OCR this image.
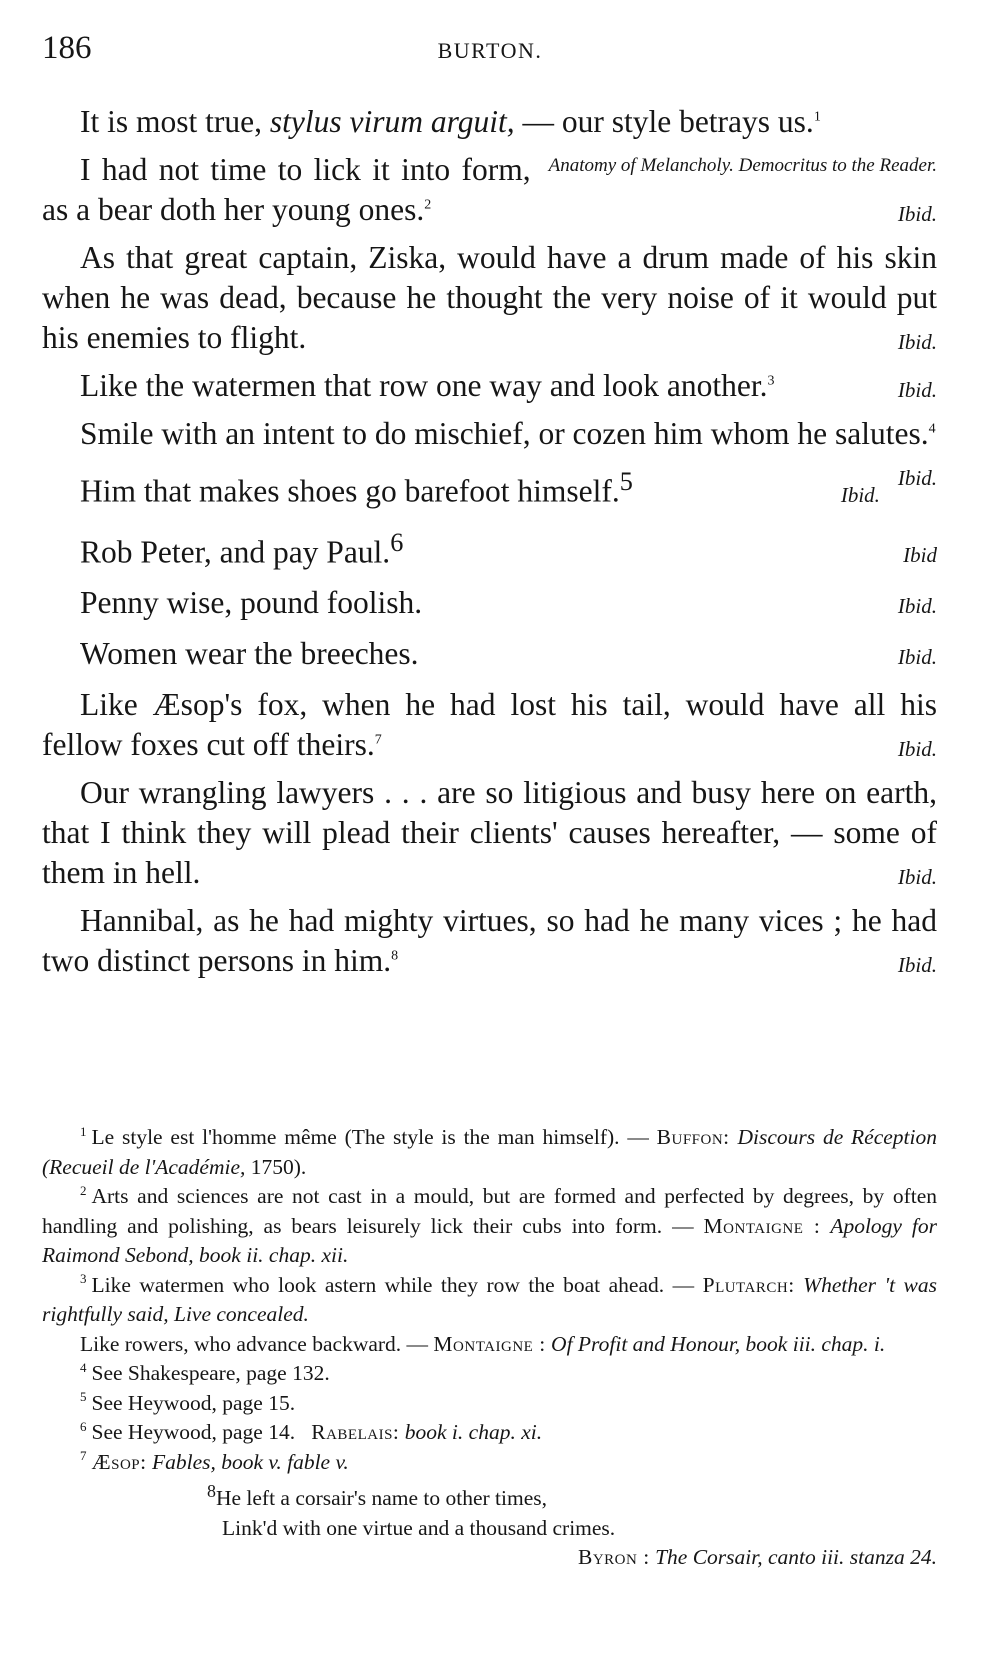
186	BURTON.
It is most true, stylus virum arguit, — our style betrays us.$^1$
Anatomy of Melancholy. Democritus to the Reader.
I had not time to lick it into form, as a bear doth her young ones.$^2$	Ibid.
As that great captain, Ziska, would have a drum made of his skin when he was dead, because he thought the very noise of it would put his enemies to flight.	Ibid.
Like the watermen that row one way and look another.$^3$	Ibid.
Smile with an intent to do mischief, or cozen him whom he salutes.$^4$
Ibid.
Him that makes shoes go barefoot himself.$^5$	Ibid.
Rob Peter, and pay Paul.$^6$	Ibid
Penny wise, pound foolish.	Ibid.
Women wear the breeches.	Ibid.
Like Æsop's fox, when he had lost his tail, would have all his fellow foxes cut off theirs.$^7$	Ibid.
Our wrangling lawyers . . . are so litigious and busy here on earth, that I think they will plead their clients' causes hereafter, — some of them in hell.	Ibid.
Hannibal, as he had mighty virtues, so had he many vices ; he had two distinct persons in him.$^8$	Ibid.

$^1$ Le style est l'homme même (The style is the man himself). — Buffon: Discours de Réception (Recueil de l'Académie, 1750).

$^2$ Arts and sciences are not cast in a mould, but are formed and perfected by degrees, by often handling and polishing, as bears leisurely lick their cubs into form. — Montaigne : Apology for Raimond Sebond, book ii. chap. xii.

$^3$ Like watermen who look astern while they row the boat ahead. — Plutarch: Whether 't was rightfully said, Live concealed.

Like rowers, who advance backward. — Montaigne : Of Profit and Honour, book iii. chap. i.

$^4$ See Shakespeare, page 132.

$^5$ See Heywood, page 15.

$^6$ See Heywood, page 14. Rabelais: book i. chap. xi.

$^7$ Æsop: Fables, book v. fable v.

$^8$He left a corsair's name to other times,

Link'd with one virtue and a thousand crimes.

Byron : The Corsair, canto iii. stanza 24.
